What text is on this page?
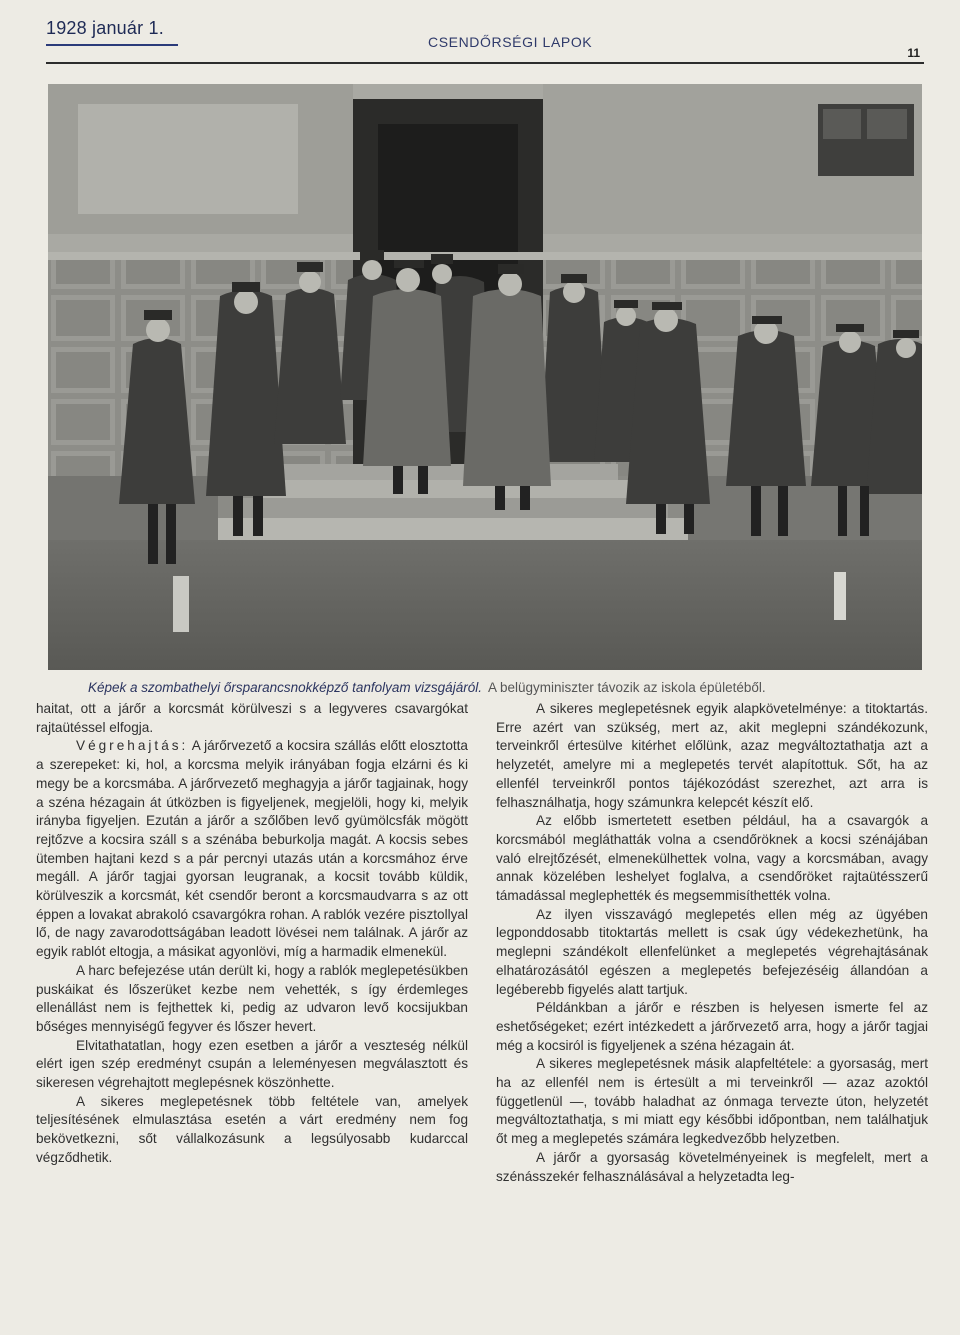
1928 január 1.
CSENDŐRSÉGI LAPOK
11
Képek a szombathelyi őrsparancsnokképző tanfolyam vizsgájáról. A belügyminiszter távozik az iskola épületéből.

haitat, ott a járőr a korcsmát körülveszi s a legyveres csavargókat rajtaütéssel elfogja.

Végrehajtás: A járőrvezető a kocsira szállás előtt elosztotta a szerepeket: ki, hol, a korcsma melyik irányában fogja elzárni és ki megy be a korcsmába. A járőrvezető meghagyja a járőr tagjainak, hogy a széna hézagain át útközben is figyeljenek, megjelöli, hogy ki, melyik irányba figyeljen. Ezután a járőr a szőlőben levő gyümölcsfák mögött rejtőzve a kocsira száll s a szénába beburkolja magát. A kocsis sebes ütemben hajtani kezd s a pár percnyi utazás után a korcsmához érve megáll. A járőr tagjai gyorsan leugranak, a kocsit tovább küldik, körülveszik a korcsmát, két csendőr beront a korcsmaudvarra s az ott éppen a lovakat abrakoló csavargókra rohan. A rablók vezére pisztollyal lő, de nagy zavarodottságában leadott lövései nem találnak. A járőr az egyik rablót eltogja, a másikat agyonlövi, míg a harmadik elmenekül.

A harc befejezése után derült ki, hogy a rablók meglepetésükben puskáikat és lőszerüket kezbe nem vehették, s így érdemleges ellenállást nem is fejthettek ki, pedig az udvaron levő kocsijukban bőséges mennyiségű fegyver és lőszer hevert.

Elvitathatatlan, hogy ezen esetben a járőr a veszteség nélkül elért igen szép eredményt csupán a leleményesen megválasztott és sikeresen végrehajtott meglepésnek köszönhette.

A sikeres meglepetésnek több feltétele van, amelyek teljesítésének elmulasztása esetén a várt eredmény nem fog bekövetkezni, sőt vállalkozásunk a legsúlyosabb kudarccal végződhetik.

A sikeres meglepetésnek egyik alapkövetelménye: a titoktartás. Erre azért van szükség, mert az, akit meglepni szándékozunk, terveinkről értesülve kitérhet előlünk, azaz megváltoztathatja azt a helyzetét, amelyre mi a meglepetés tervét alapítottuk. Sőt, ha az ellenfél terveinkről pontos tájékozódást szerezhet, azt arra is felhasználhatja, hogy számunkra kelepcét készít elő.

Az előbb ismertetett esetben például, ha a csavargók a korcsmából megláthatták volna a csendőröknek a kocsi szénájában való elrejtőzését, elmenekülhettek volna, vagy a korcsmában, avagy annak közelében leshelyet foglalva, a csendőröket rajtaütésszerű támadással meglephették és megsemmisíthették volna.

Az ilyen visszavágó meglepetés ellen még az ügyében legponddosabb titoktartás mellett is csak úgy védekezhetünk, ha meglepni szándékolt ellenfelünket a meglepetés végrehajtásának elhatározásától egészen a meglepetés befejezéséig állandóan a legéberebb figyelés alatt tartjuk.

Példánkban a járőr e részben is helyesen ismerte fel az eshetőségeket; ezért intézkedett a járőrvezető arra, hogy a járőr tagjai még a kocsiról is figyeljenek a széna hézagain át.

A sikeres meglepetésnek másik alapfeltétele: a gyorsaság, mert ha az ellenfél nem is értesült a mi terveinkről — azaz azoktól függetlenül —, tovább haladhat az ónmaga tervezte úton, helyzetét megváltoztathatja, s mi miatt egy későbbi időpontban, nem találhatjuk őt meg a meglepetés számára legkedvezőbb helyzetben.

A járőr a gyorsaság követelményeinek is megfelelt, mert a szénásszekér felhasználásával a helyzetadta leg-
